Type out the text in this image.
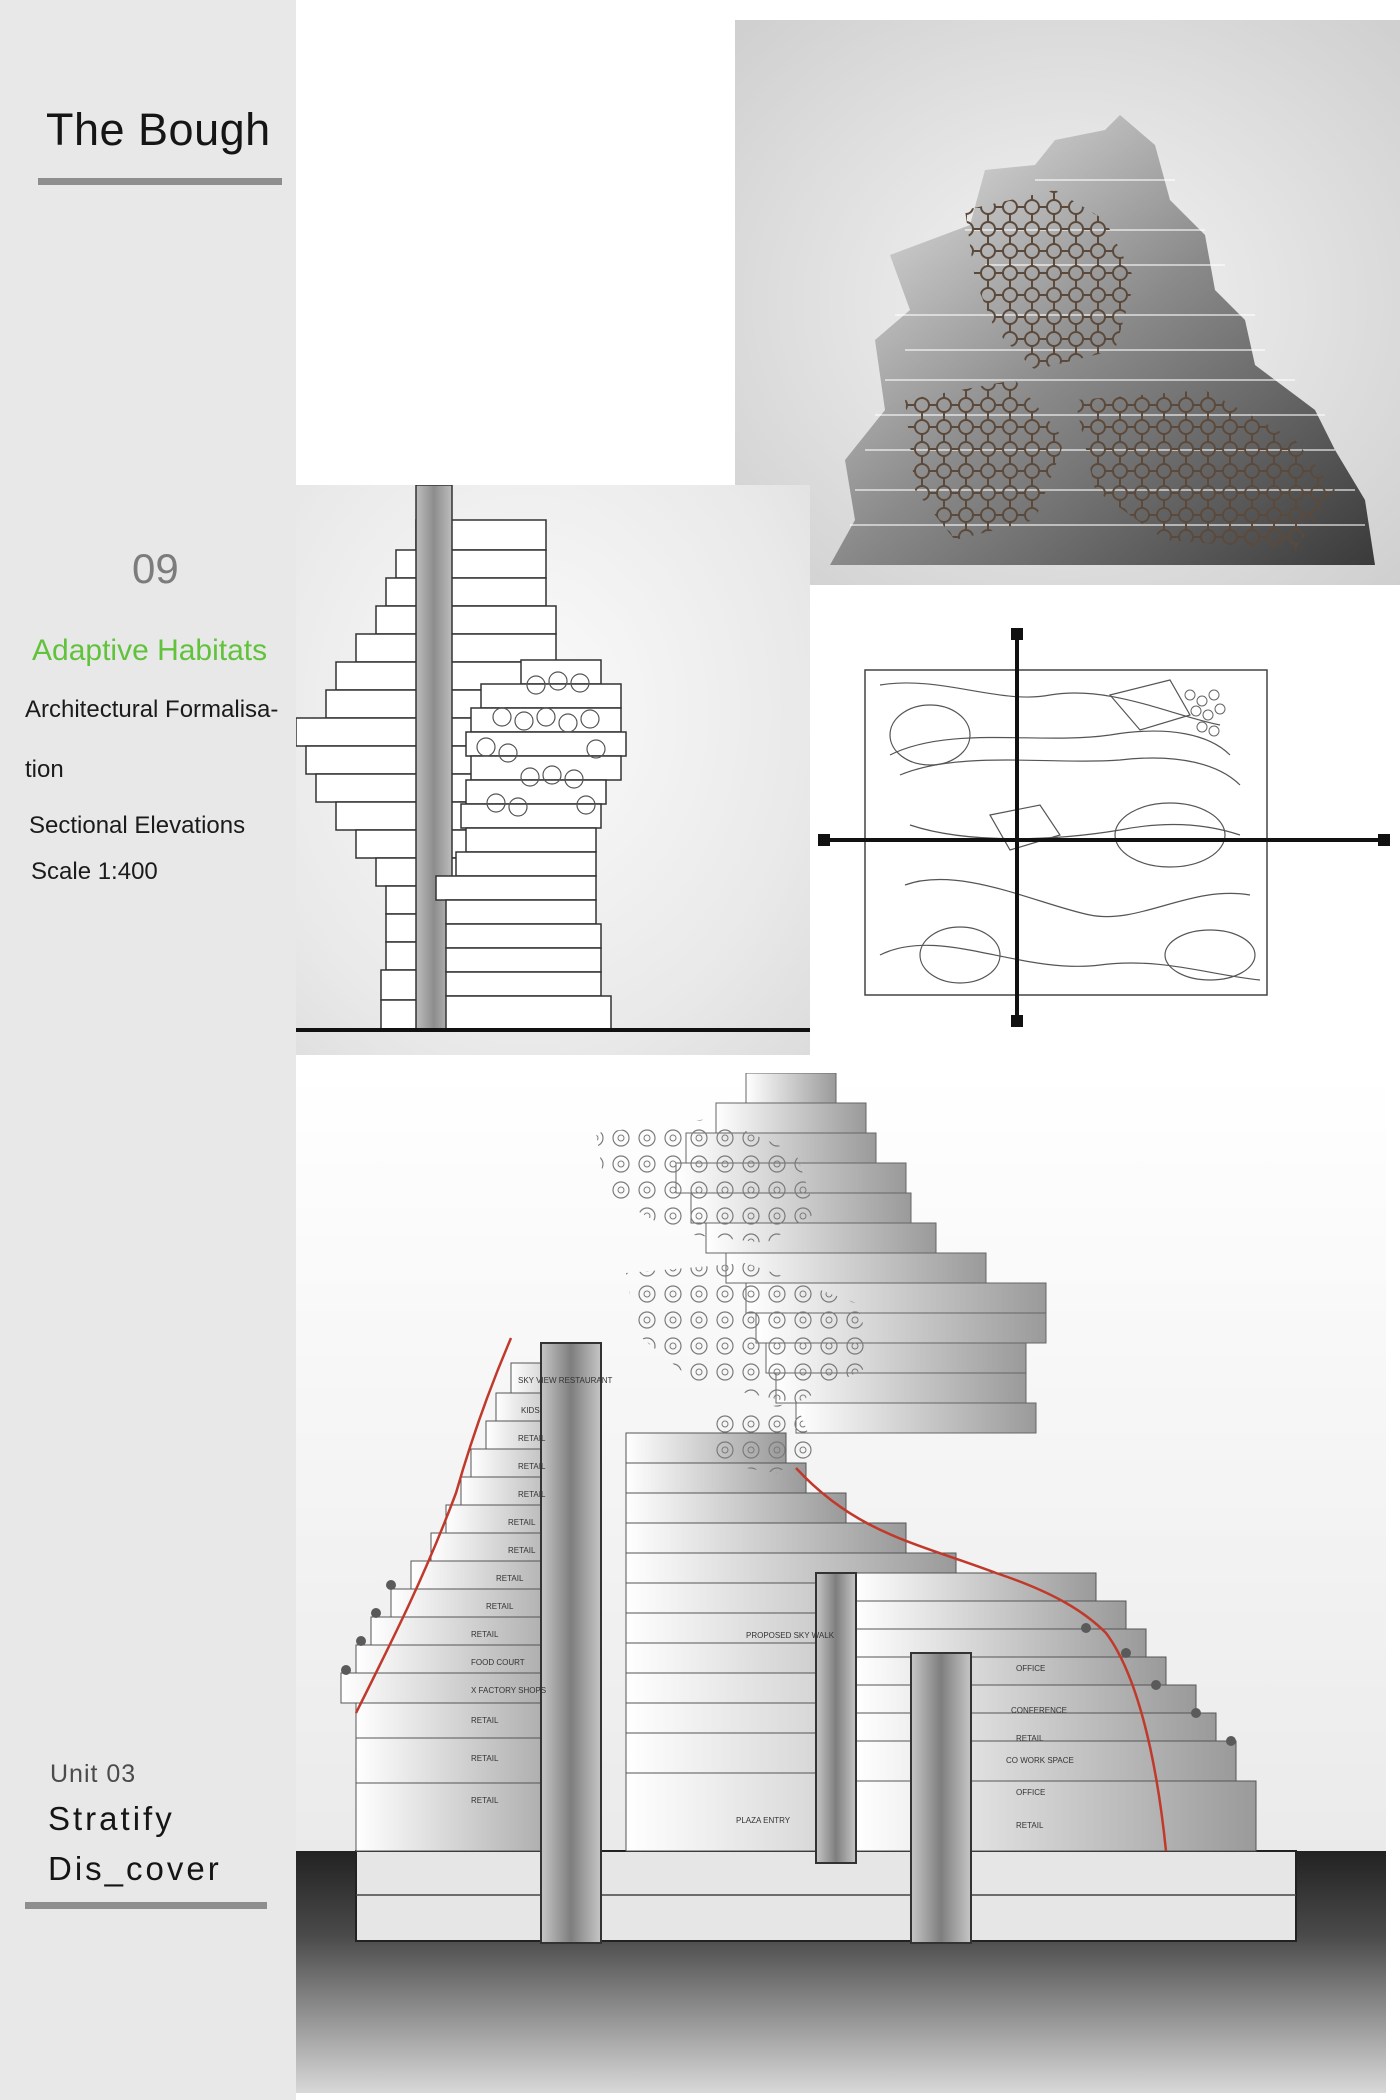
The Bough
09
Adaptive Habitats
Architectural Formalisa-
tion
Sectional Elevations
Scale 1:400
Unit 03
Stratify
Dis_cover
SKY VIEW RESTAURANT
KIDS
RETAIL
RETAIL
RETAIL
RETAIL
RETAIL
RETAIL
RETAIL
RETAIL
FOOD COURT
X FACTORY SHOPS
RETAIL
RETAIL
RETAIL
PROPOSED SKY WALK
OFFICE
CONFERENCE
RETAIL
CO WORK SPACE
OFFICE
RETAIL
PLAZA ENTRY
